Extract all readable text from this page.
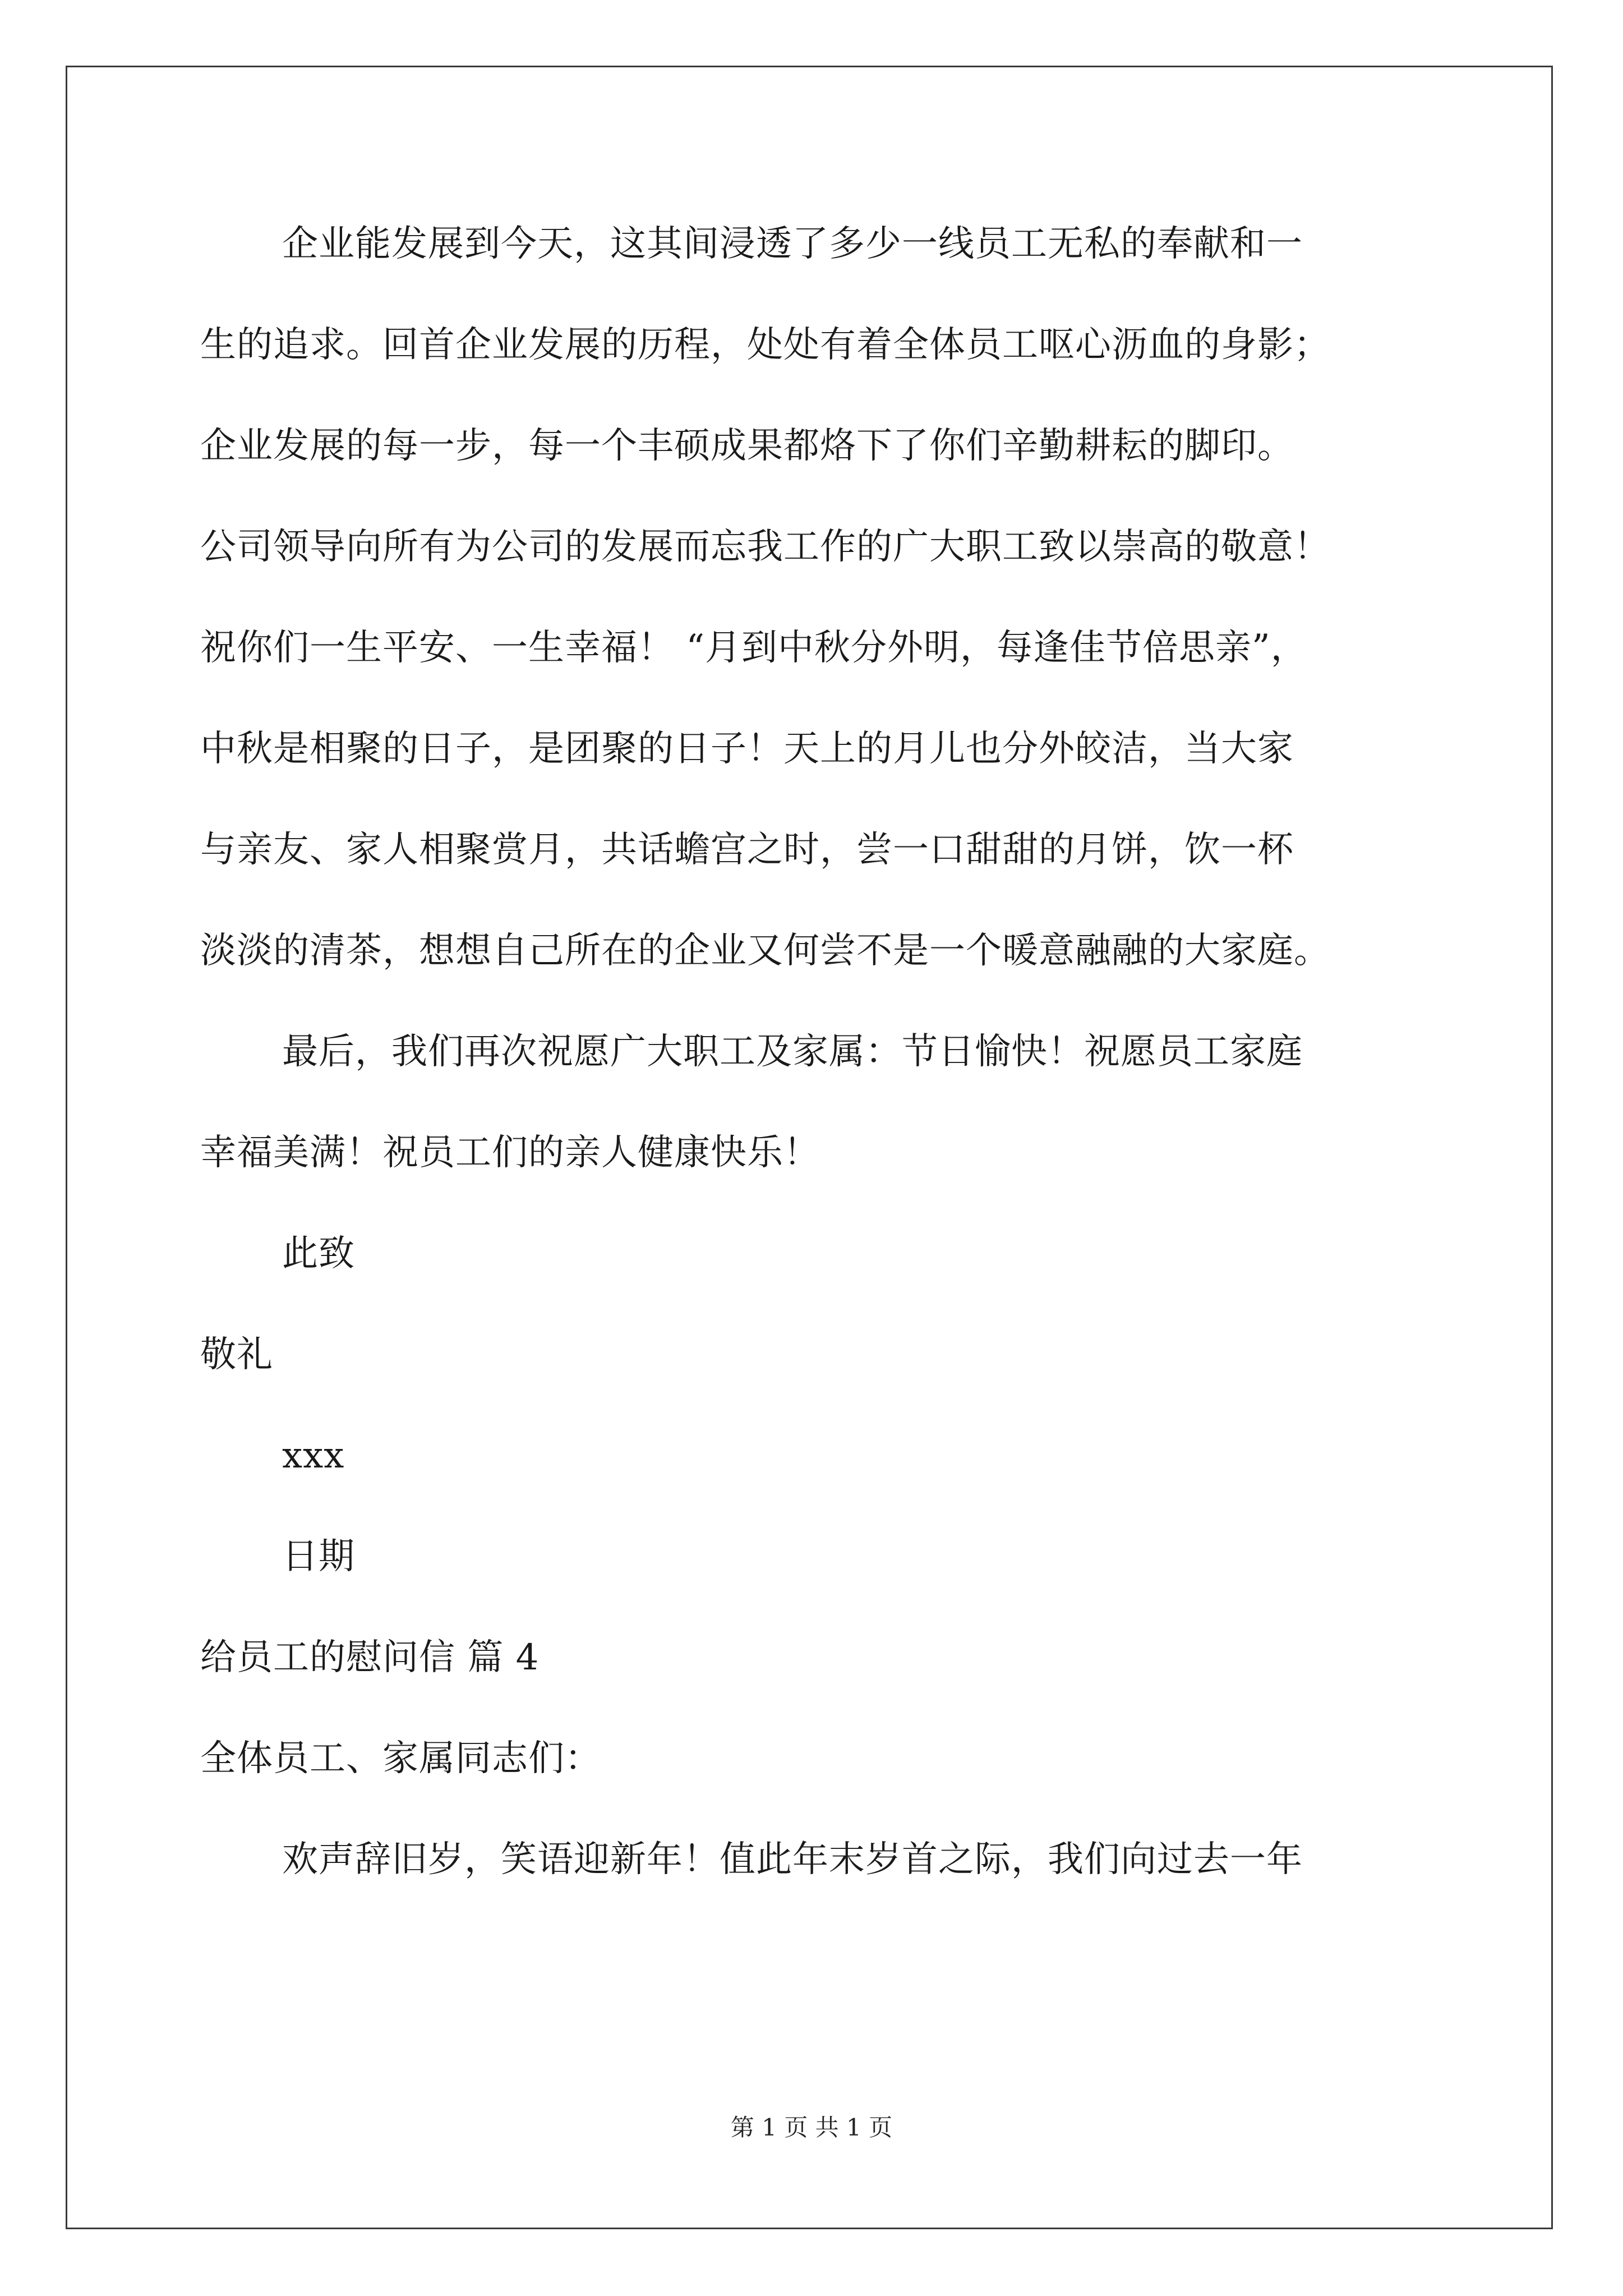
企业能发展到今天，这其间浸透了多少一线员工无私的奉献和一
生的追求。回首企业发展的历程，处处有着全体员工呕心沥血的身影；
企业发展的每一步，每一个丰硕成果都烙下了你们辛勤耕耘的脚印。
公司领导向所有为公司的发展而忘我工作的广大职工致以崇高的敬意！
祝你们一生平安、一生幸福！ “月到中秋分外明，每逢佳节倍思亲”，
中秋是相聚的日子，是团聚的日子！天上的月儿也分外皎洁，当大家
与亲友、家人相聚赏月，共话蟾宫之时，尝一口甜甜的月饼，饮一杯
淡淡的清茶，想想自己所在的企业又何尝不是一个暖意融融的大家庭。
最后，我们再次祝愿广大职工及家属：节日愉快！祝愿员工家庭
幸福美满！祝员工们的亲人健康快乐！
此致
敬礼
xxx
日期
给员工的慰问信 篇 4
全体员工、家属同志们：
欢声辞旧岁，笑语迎新年！值此年末岁首之际，我们向过去一年
第 1 页 共 1 页
